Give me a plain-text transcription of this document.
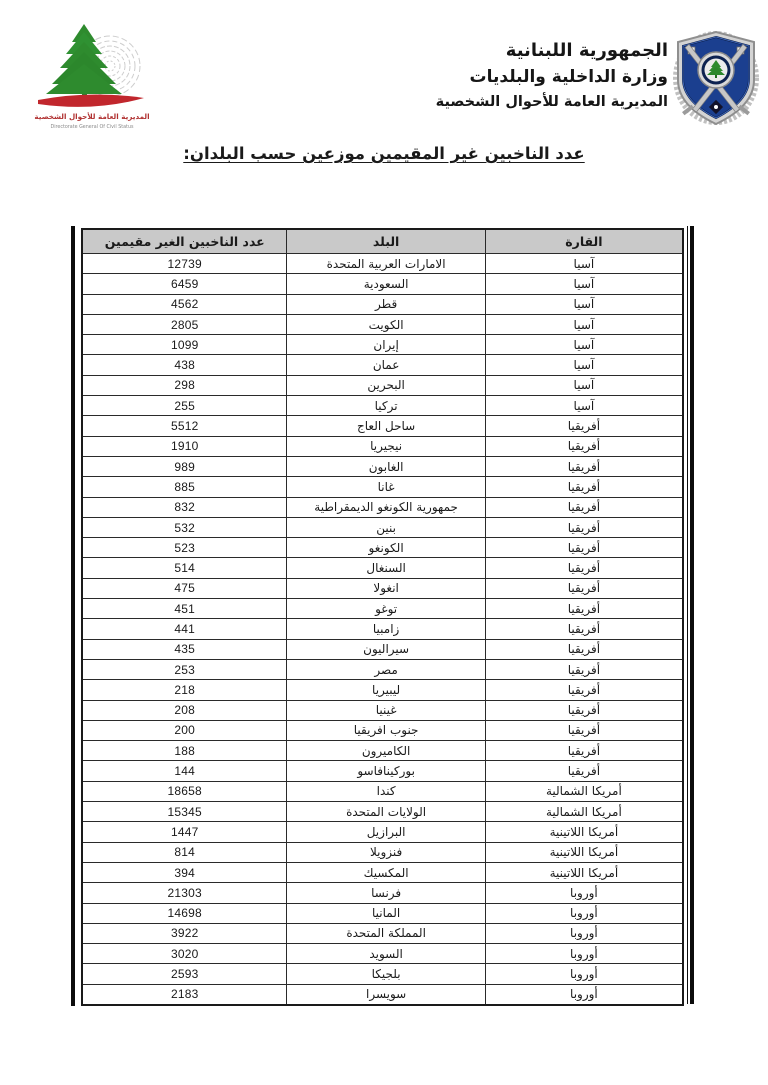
المديرية العامة للأحوال الشخصية
Directorate General Of Civil Status
الجمهورية اللبنانية
وزارة الداخلية والبلديات
المديرية العامة للأحوال الشخصية
عدد الناخبين غير المقيمين موزعين حسب البلدان:
القارة	البلد	عدد الناخبين الغير مقيمين
آسيا	الامارات العربية المتحدة	12739
آسيا	السعودية	6459
آسيا	قطر	4562
آسيا	الكويت	2805
آسيا	إيران	1099
آسيا	عمان	438
آسيا	البحرين	298
آسيا	تركيا	255
أفريقيا	ساحل العاج	5512
أفريقيا	نيجيريا	1910
أفريقيا	الغابون	989
أفريقيا	غانا	885
أفريقيا	جمهورية الكونغو الديمقراطية	832
أفريقيا	بنين	532
أفريقيا	الكونغو	523
أفريقيا	السنغال	514
أفريقيا	انغولا	475
أفريقيا	توغو	451
أفريقيا	زامبيا	441
أفريقيا	سيراليون	435
أفريقيا	مصر	253
أفريقيا	ليبيريا	218
أفريقيا	غينيا	208
أفريقيا	جنوب افريقيا	200
أفريقيا	الكاميرون	188
أفريقيا	بوركينافاسو	144
أمريكا الشمالية	كندا	18658
أمريكا الشمالية	الولايات المتحدة	15345
أمريكا اللاتينية	البرازيل	1447
أمريكا اللاتينية	فنزويلا	814
أمريكا اللاتينية	المكسيك	394
أوروبا	فرنسا	21303
أوروبا	المانيا	14698
أوروبا	المملكة المتحدة	3922
أوروبا	السويد	3020
أوروبا	بلجيكا	2593
أوروبا	سويسرا	2183
